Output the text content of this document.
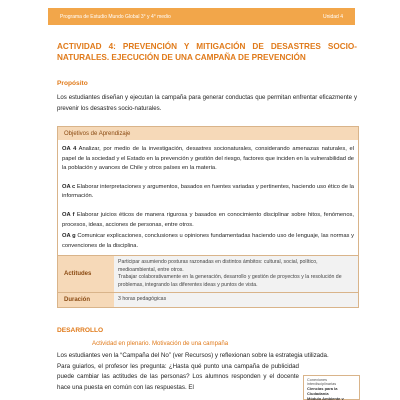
Programa de Estudio Mundo Global 3° y 4° medio	Unidad 4
ACTIVIDAD 4: PREVENCIÓN Y MITIGACIÓN DE DESASTRES SOCIO-NATURALES. EJECUCIÓN DE UNA CAMPAÑA DE PREVENCIÓN
Propósito
Los estudiantes diseñan y ejecutan la campaña para generar conductas que permitan enfrentar eficazmente y prevenir los desastres socio-naturales.
Objetivos de Aprendizaje

OA 4 Analizar, por medio de la investigación, desastres socionaturales, considerando amenazas naturales, el papel de la sociedad y el Estado en la prevención y gestión del riesgo, factores que inciden en la vulnerabilidad de la población y avances de Chile y otros países en la materia.

OA c Elaborar interpretaciones y argumentos, basados en fuentes variadas y pertinentes, haciendo uso ético de la información.

OA f Elaborar juicios éticos de manera rigurosa y basados en conocimiento disciplinar sobre hitos, fenómenos, procesos, ideas, acciones de personas, entre otros.

OA g Comunicar explicaciones, conclusiones u opiniones fundamentadas haciendo uso de lenguaje, las normas y convenciones de la disciplina.

Actitudes
Participar asumiendo posturas razonadas en distintos ámbitos: cultural, social, político, medioambiental, entre otros.
Trabajar colaborativamente en la generación, desarrollo y gestión de proyectos y la resolución de problemas, integrando las diferentes ideas y puntos de vista.
Duración	3 horas pedagógicas
DESARROLLO
Actividad en plenario. Motivación de una campaña
Los estudiantes ven la “Campaña del No” (ver Recursos) y reflexionan sobre la estrategia utilizada.
Para guiarlos, el profesor les pregunta: ¿Hasta qué punto una campaña de publicidad puede cambiar las actitudes de las personas? Los alumnos responden y el docente hace una puesta en común con las respuestas. El
Conexiones interdisciplinarias
Ciencias para la Ciudadanía
Módulo Ambiente y
